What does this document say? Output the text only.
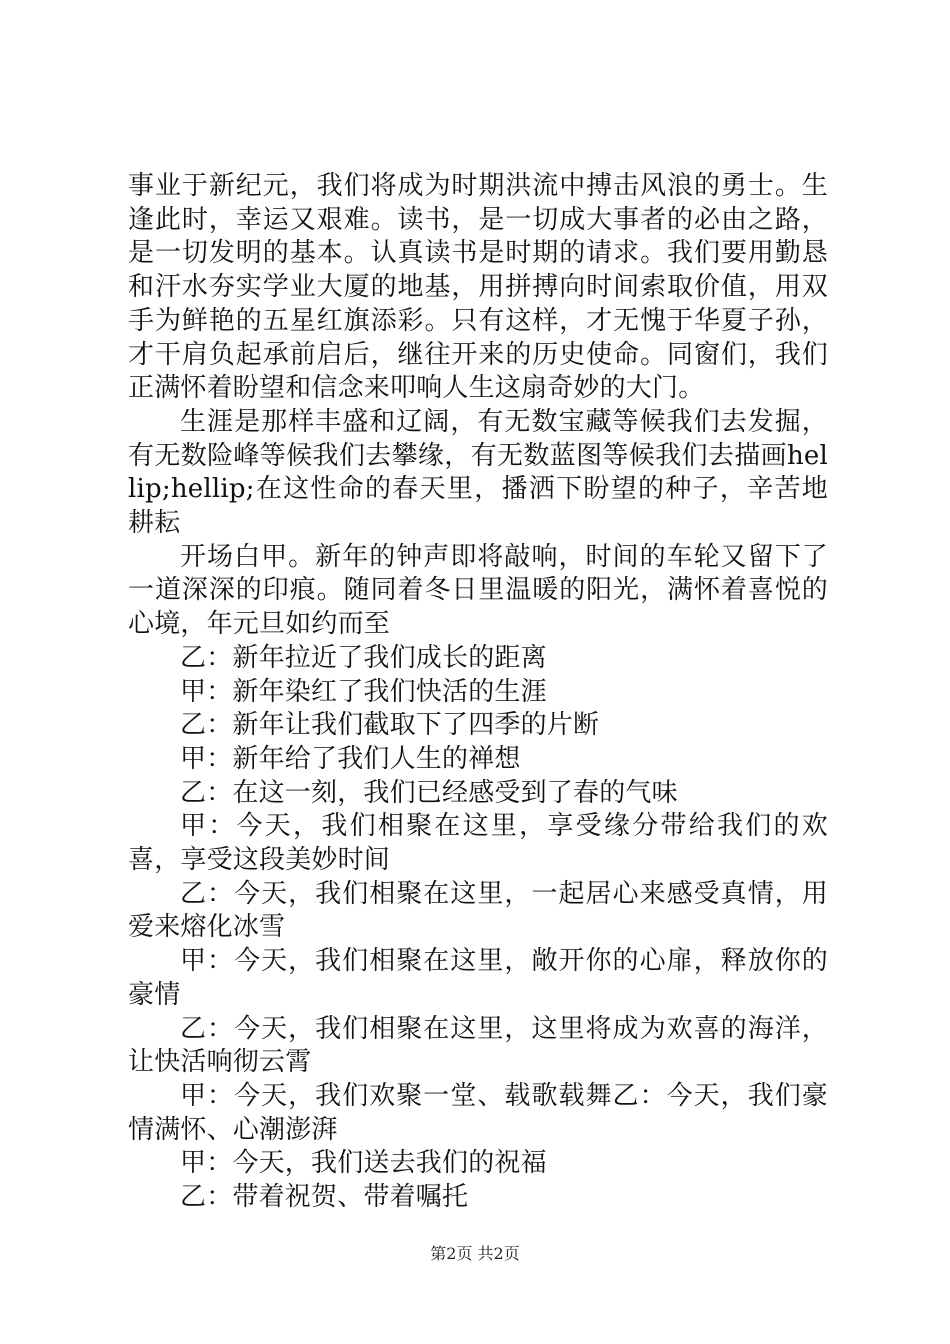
事业于新纪元，我们将成为时期洪流中搏击风浪的勇士。生逢此时，幸运又艰难。读书，是一切成大事者的必由之路，是一切发明的基本。认真读书是时期的请求。我们要用勤恳和汗水夯实学业大厦的地基，用拼搏向时间索取价值，用双手为鲜艳的五星红旗添彩。只有这样，才无愧于华夏子孙，才干肩负起承前启后，继往开来的历史使命。同窗们，我们正满怀着盼望和信念来叩响人生这扇奇妙的大门。

生涯是那样丰盛和辽阔，有无数宝藏等候我们去发掘，有无数险峰等候我们去攀缘，有无数蓝图等候我们去描画hellip;hellip;在这性命的春天里，播洒下盼望的种子，辛苦地耕耘

开场白甲。新年的钟声即将敲响，时间的车轮又留下了一道深深的印痕。随同着冬日里温暖的阳光，满怀着喜悦的心境，年元旦如约而至

乙：新年拉近了我们成长的距离

甲：新年染红了我们快活的生涯

乙：新年让我们截取下了四季的片断

甲：新年给了我们人生的禅想

乙：在这一刻，我们已经感受到了春的气味

甲：今天，我们相聚在这里，享受缘分带给我们的欢喜，享受这段美妙时间

乙：今天，我们相聚在这里，一起居心来感受真情，用爱来熔化冰雪

甲：今天，我们相聚在这里，敞开你的心扉，释放你的豪情

乙：今天，我们相聚在这里，这里将成为欢喜的海洋，让快活响彻云霄

甲：今天，我们欢聚一堂、载歌载舞乙：今天，我们豪情满怀、心潮澎湃

甲：今天，我们送去我们的祝福

乙：带着祝贺、带着嘱托

第2页 共2页
